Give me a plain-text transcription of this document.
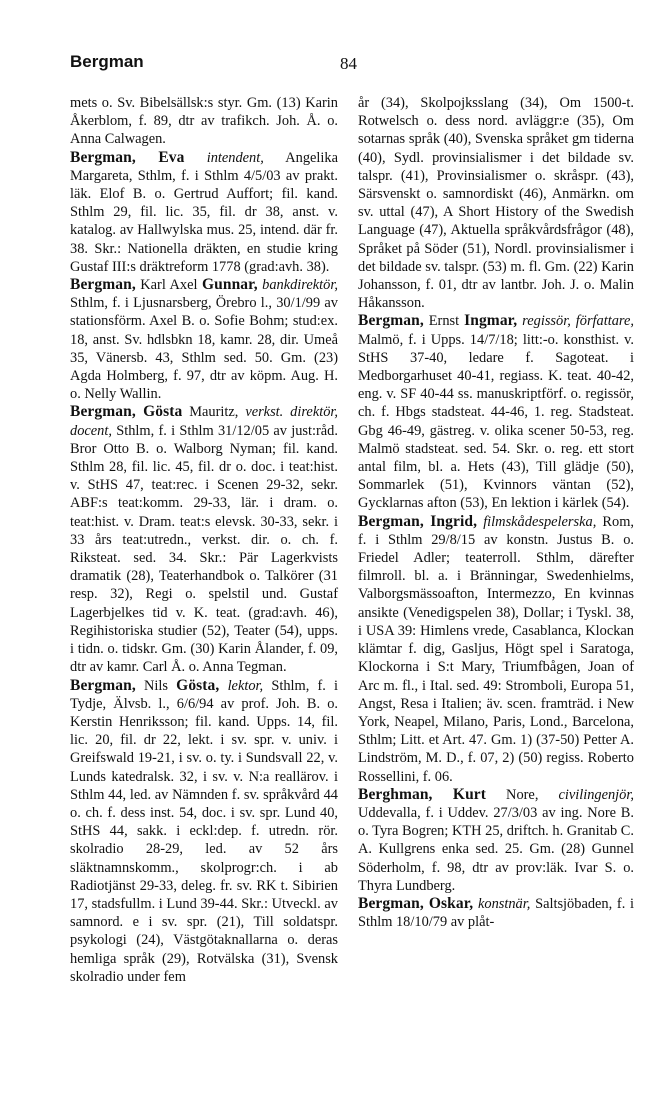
Bergman	84

mets o. Sv. Bibelsällsk:s styr. Gm. (13) Karin Åkerblom, f. 89, dtr av trafikch. Joh. Å. o. Anna Calwagen.

Bergman, Eva intendent, Angelika Margareta, Sthlm, f. i Sthlm 4/5/03 av prakt. läk. Elof B. o. Gertrud Auffort; fil. kand. Sthlm 29, fil. lic. 35, fil. dr 38, anst. v. katalog. av Hallwylska mus. 25, intend. där fr. 38. Skr.: Nationella dräkten, en studie kring Gustaf III:s dräktreform 1778 (grad:avh. 38).

Bergman, Karl Axel Gunnar, bankdirektör, Sthlm, f. i Ljusnarsberg, Örebro l., 30/1/99 av stationsförm. Axel B. o. Sofie Bohm; stud:ex. 18, anst. Sv. hdlsbkn 18, kamr. 28, dir. Umeå 35, Vänersb. 43, Sthlm sed. 50. Gm. (23) Agda Holmberg, f. 97, dtr av köpm. Aug. H. o. Nelly Wallin.

Bergman, Gösta Mauritz, verkst. direktör, docent, Sthlm, f. i Sthlm 31/12/05 av just:råd. Bror Otto B. o. Walborg Nyman; fil. kand. Sthlm 28, fil. lic. 45, fil. dr o. doc. i teat:hist. v. StHS 47, teat:rec. i Scenen 29-32, sekr. ABF:s teat:komm. 29-33, lär. i dram. o. teat:hist. v. Dram. teat:s elevsk. 30-33, sekr. i 33 års teat:utredn., verkst. dir. o. ch. f. Riksteat. sed. 34. Skr.: Pär Lagerkvists dramatik (28), Teaterhandbok o. Talkörer (31 resp. 32), Regi o. spelstil und. Gustaf Lagerbjelkes tid v. K. teat. (grad:avh. 46), Regihistoriska studier (52), Teater (54), upps. i tidn. o. tidskr. Gm. (30) Karin Ålander, f. 09, dtr av kamr. Carl Å. o. Anna Tegman.

Bergman, Nils Gösta, lektor, Sthlm, f. i Tydje, Älvsb. l., 6/6/94 av prof. Joh. B. o. Kerstin Henriksson; fil. kand. Upps. 14, fil. lic. 20, fil. dr 22, lekt. i sv. spr. v. univ. i Greifswald 19-21, i sv. o. ty. i Sundsvall 22, v. Lunds katedralsk. 32, i sv. v. N:a reallärov. i Sthlm 44, led. av Nämnden f. sv. språkvård 44 o. ch. f. dess inst. 54, doc. i sv. spr. Lund 40, StHS 44, sakk. i eckl:dep. f. utredn. rör. skolradio 28-29, led. av 52 års släktnamnskomm., skolprogr:ch. i ab Radiotjänst 29-33, deleg. fr. sv. RK t. Sibirien 17, stadsfullm. i Lund 39-44. Skr.: Utveckl. av samnord. e i sv. spr. (21), Till soldatspr. psykologi (24), Västgötaknallarna o. deras hemliga språk (29), Rotvälska (31), Svensk skolradio under fem

år (34), Skolpojksslang (34), Om 1500-t. Rotwelsch o. dess nord. avläggr:e (35), Om sotarnas språk (40), Svenska språket gm tiderna (40), Sydl. provinsialismer i det bildade sv. talspr. (41), Provinsialismer o. skråspr. (43), Särsvenskt o. samnordiskt (46), Anmärkn. om sv. uttal (47), A Short History of the Swedish Language (47), Aktuella språkvårdsfrågor (48), Språket på Söder (51), Nordl. provinsialismer i det bildade sv. talspr. (53) m. fl. Gm. (22) Karin Johansson, f. 01, dtr av lantbr. Joh. J. o. Malin Håkansson.

Bergman, Ernst Ingmar, regissör, författare, Malmö, f. i Upps. 14/7/18; litt:-o. konsthist. v. StHS 37-40, ledare f. Sagoteat. i Medborgarhuset 40-41, regiass. K. teat. 40-42, eng. v. SF 40-44 ss. manuskriptförf. o. regissör, ch. f. Hbgs stadsteat. 44-46, 1. reg. Stadsteat. Gbg 46-49, gästreg. v. olika scener 50-53, reg. Malmö stadsteat. sed. 54. Skr. o. reg. ett stort antal film, bl. a. Hets (43), Till glädje (50), Sommarlek (51), Kvinnors väntan (52), Gycklarnas afton (53), En lektion i kärlek (54).

Bergman, Ingrid, filmskådespelerska, Rom, f. i Sthlm 29/8/15 av konstn. Justus B. o. Friedel Adler; teaterroll. Sthlm, därefter filmroll. bl. a. i Bränningar, Swedenhielms, Valborgsmässoafton, Intermezzo, En kvinnas ansikte (Venedigspelen 38), Dollar; i Tyskl. 38, i USA 39: Himlens vrede, Casablanca, Klockan klämtar f. dig, Gasljus, Högt spel i Saratoga, Klockorna i S:t Mary, Triumfbågen, Joan of Arc m. fl., i Ital. sed. 49: Stromboli, Europa 51, Angst, Resa i Italien; äv. scen. framträd. i New York, Neapel, Milano, Paris, Lond., Barcelona, Sthlm; Litt. et Art. 47. Gm. 1) (37-50) Petter A. Lindström, M. D., f. 07, 2) (50) regiss. Roberto Rossellini, f. 06.

Berghman, Kurt Nore, civilingenjör, Uddevalla, f. i Uddev. 27/3/03 av ing. Nore B. o. Tyra Bogren; KTH 25, driftch. h. Granitab C. A. Kullgrens enka sed. 25. Gm. (28) Gunnel Söderholm, f. 98, dtr av prov:läk. Ivar S. o. Thyra Lundberg.

Bergman, Oskar, konstnär, Saltsjöbaden, f. i Sthlm 18/10/79 av plåt-
